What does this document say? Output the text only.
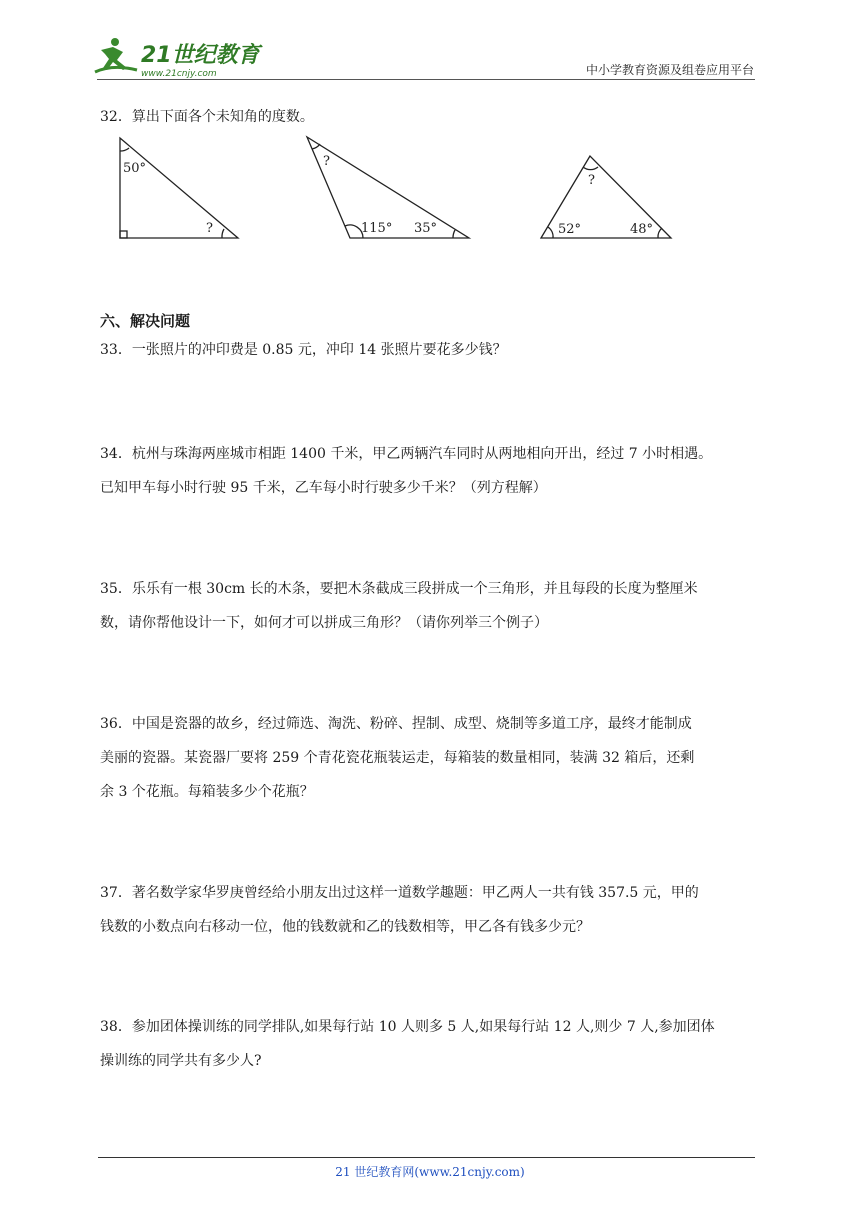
21世纪教育
www.21cnjy.com	中小学教育资源及组卷应用平台
32．算出下面各个未知角的度数。
50°
?
?
115° 35°
?
52°	48°
六、解决问题
33．一张照片的冲印费是 0.85 元，冲印 14 张照片要花多少钱？
34．杭州与珠海两座城市相距 1400 千米，甲乙两辆汽车同时从两地相向开出，经过 7 小时相遇。
已知甲车每小时行驶 95 千米，乙车每小时行驶多少千米？（列方程解）
35．乐乐有一根 30cm 长的木条，要把木条截成三段拼成一个三角形，并且每段的长度为整厘米
数，请你帮他设计一下，如何才可以拼成三角形？（请你列举三个例子）
36．中国是瓷器的故乡，经过筛选、淘洗、粉碎、捏制、成型、烧制等多道工序，最终才能制成
美丽的瓷器。某瓷器厂要将 259 个青花瓷花瓶装运走，每箱装的数量相同，装满 32 箱后，还剩
余 3 个花瓶。每箱装多少个花瓶？
37．著名数学家华罗庚曾经给小朋友出过这样一道数学趣题：甲乙两人一共有钱 357.5 元，甲的
钱数的小数点向右移动一位，他的钱数就和乙的钱数相等，甲乙各有钱多少元？
38．参加团体操训练的同学排队,如果每行站 10 人则多 5 人,如果每行站 12 人,则少 7 人,参加团体
操训练的同学共有多少人?
21 世纪教育网(www.21cnjy.com)
